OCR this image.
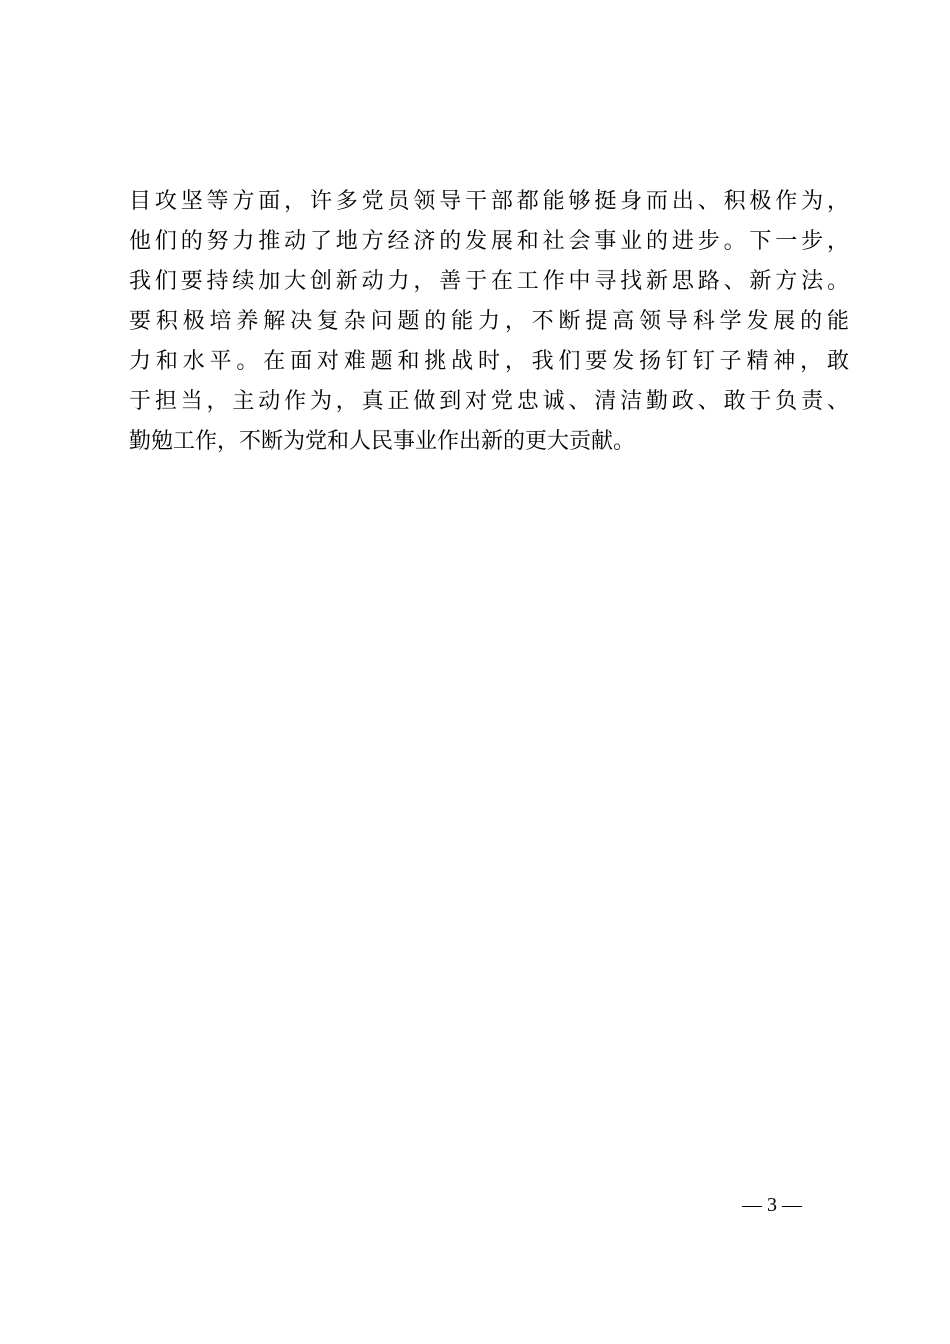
目攻坚等方面，许多党员领导干部都能够挺身而出、积极作为，
他们的努力推动了地方经济的发展和社会事业的进步。下一步，
我们要持续加大创新动力，善于在工作中寻找新思路、新方法。
要积极培养解决复杂问题的能力，不断提高领导科学发展的能
力和水平。在面对难题和挑战时，我们要发扬钉钉子精神，敢
于担当，主动作为，真正做到对党忠诚、清洁勤政、敢于负责、
勤勉工作，不断为党和人民事业作出新的更大贡献。
— 3 —
